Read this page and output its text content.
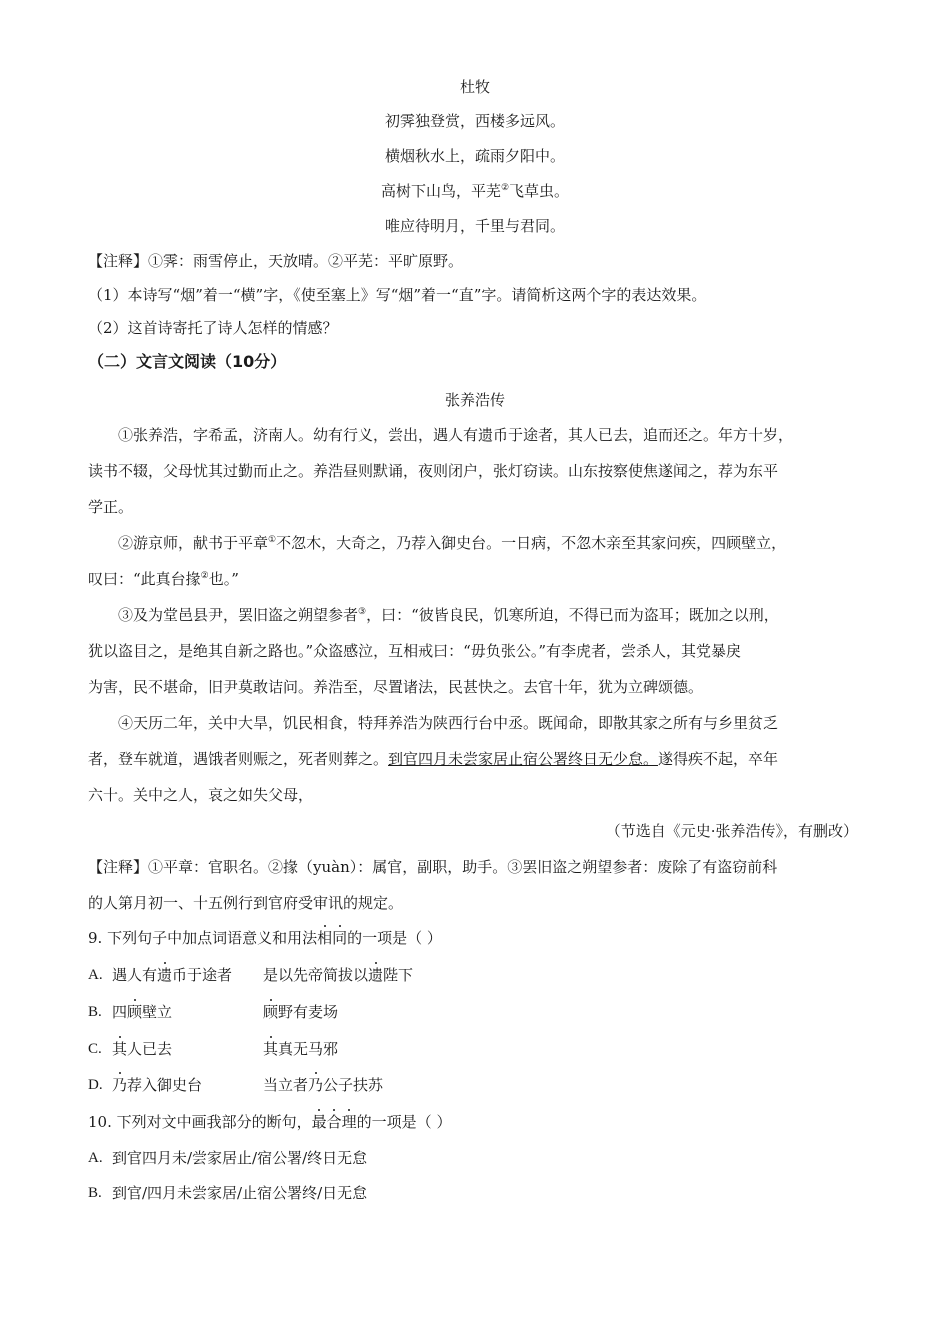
杜牧
初霁独登赏，西楼多远风。
横烟秋水上，疏雨夕阳中。
高树下山鸟，平芜②飞草虫。
唯应待明月，千里与君同。
【注释】①霁：雨雪停止，天放晴。②平芜：平旷原野。
（1）本诗写“烟”着一“横”字，《使至塞上》写“烟”着一“直”字。请简析这两个字的表达效果。
（2）这首诗寄托了诗人怎样的情感？
（二）文言文阅读（10分）
张养浩传
①张养浩，字希孟，济南人。幼有行义，尝出，遇人有遗币于途者，其人已去，追而还之。年方十岁，
读书不辍，父母忧其过勤而止之。养浩昼则默诵，夜则闭户，张灯窃读。山东按察使焦遂闻之，荐为东平
学正。
②游京师，献书于平章①不忽木，大奇之，乃荐入御史台。一日病，不忽木亲至其家问疾，四顾壁立，
叹曰：“此真台掾②也。”
③及为堂邑县尹，罢旧盗之朔望参者③，曰：“彼皆良民，饥寒所迫，不得已而为盗耳；既加之以刑，
犹以盗目之，是绝其自新之路也。”众盗感泣，互相戒曰：“毋负张公。”有李虎者，尝杀人，其党暴戾
为害，民不堪命，旧尹莫敢诘问。养浩至，尽置诸法，民甚快之。去官十年，犹为立碑颂德。
④天历二年，关中大旱，饥民相食，特拜养浩为陕西行台中丞。既闻命，即散其家之所有与乡里贫乏
者，登车就道，遇饿者则赈之，死者则葬之。到官四月未尝家居止宿公署终日无少怠。遂得疾不起，卒年
六十。关中之人，哀之如失父母，
（节选自《元史·张养浩传》，有删改）
【注释】①平章：官职名。②掾（yuàn）：属官，副职，助手。③罢旧盗之朔望参者：废除了有盗窃前科
的人第月初一、十五例行到官府受审讯的规定。
9. 下列句子中加点词语意义和用法相同的一项是（ ）
A. 遇人有遗币于途者 是以先帝简拔以遗陛下
B. 四顾壁立	顾野有麦场
C. 其人已去	其真无马邪
D. 乃荐入御史台	当立者乃公子扶苏
10. 下列对文中画我部分的断句，最合理的一项是（ ）
A. 到官四月未/尝家居止/宿公署/终日无怠
B. 到官/四月未尝家居/止宿公署终/日无怠
